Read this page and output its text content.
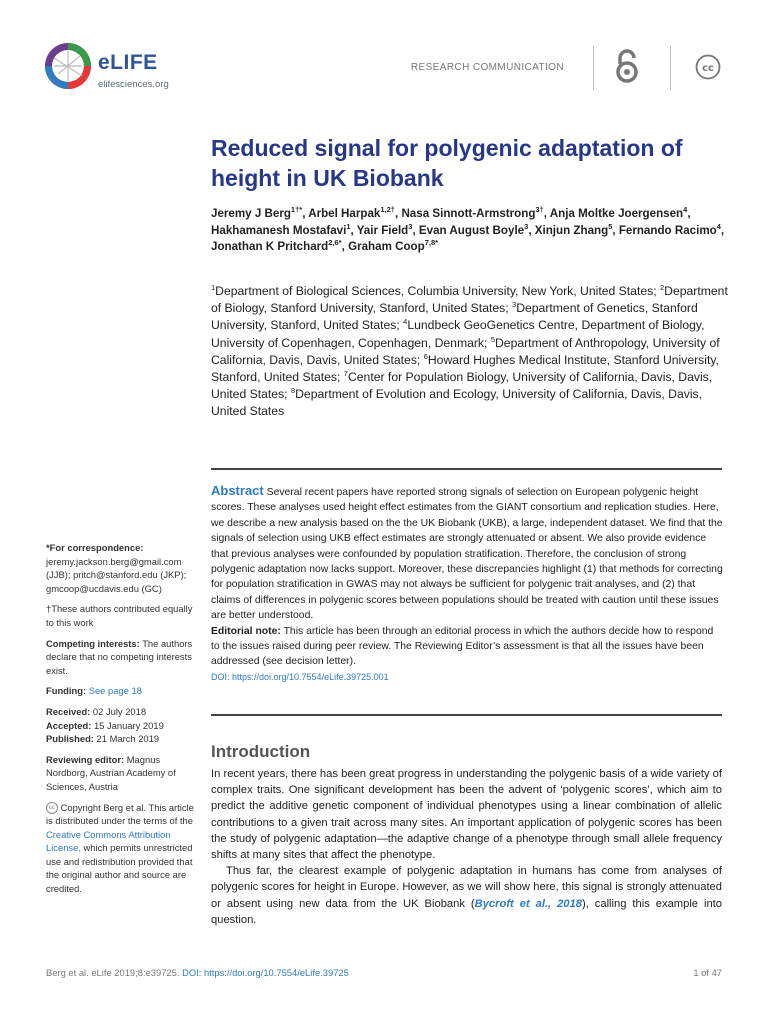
eLIFE
elifesciences.org
RESEARCH COMMUNICATION	cc
Reduced signal for polygenic adaptation of height in UK Biobank
Jeremy J Berg$^{1\dagger*}$, Arbel Harpak$^{1,2\dagger}$, Nasa Sinnott-Armstrong$^{3\dagger}$, Anja Moltke Joergensen$^4$, Hakhamanesh Mostafavi$^1$, Yair Field$^3$, Evan August Boyle$^3$, Xinjun Zhang$^5$, Fernando Racimo$^4$, Jonathan K Pritchard$^{2,6*}$, Graham Coop$^{7,8*}$
$^1$Department of Biological Sciences, Columbia University, New York, United States; $^2$Department of Biology, Stanford University, Stanford, United States; $^3$Department of Genetics, Stanford University, Stanford, United States; $^4$Lundbeck GeoGenetics Centre, Department of Biology, University of Copenhagen, Copenhagen, Denmark; $^5$Department of Anthropology, University of California, Davis, Davis, United States; $^6$Howard Hughes Medical Institute, Stanford University, Stanford, United States; $^7$Center for Population Biology, University of California, Davis, Davis, United States; $^8$Department of Evolution and Ecology, University of California, Davis, Davis, United States
Abstract Several recent papers have reported strong signals of selection on European polygenic height scores. These analyses used height effect estimates from the GIANT consortium and replication studies. Here, we describe a new analysis based on the the UK Biobank (UKB), a large, independent dataset. We find that the signals of selection using UKB effect estimates are strongly attenuated or absent. We also provide evidence that previous analyses were confounded by population stratification. Therefore, the conclusion of strong polygenic adaptation now lacks support. Moreover, these discrepancies highlight (1) that methods for correcting for population stratification in GWAS may not always be sufficient for polygenic trait analyses, and (2) that claims of differences in polygenic scores between populations should be treated with caution until these issues are better understood.
Editorial note: This article has been through an editorial process in which the authors decide how to respond to the issues raised during peer review. The Reviewing Editor’s assessment is that all the issues have been addressed (see decision letter).
DOI: https://doi.org/10.7554/eLife.39725.001
*For correspondence:
jeremy.jackson.berg@gmail.com (JJB); pritch@stanford.edu (JKP); gmcoop@ucdavis.edu (GC)
†These authors contributed equally to this work
Competing interests: The authors declare that no competing interests exist.
Funding: See page 18
Received: 02 July 2018
Accepted: 15 January 2019
Published: 21 March 2019
Reviewing editor: Magnus Nordborg, Austrian Academy of Sciences, Austria
cc Copyright Berg et al. This article is distributed under the terms of the Creative Commons Attribution License, which permits unrestricted use and redistribution provided that the original author and source are credited.
Introduction

In recent years, there has been great progress in understanding the polygenic basis of a wide variety of complex traits. One significant development has been the advent of ‘polygenic scores’, which aim to predict the additive genetic component of individual phenotypes using a linear combination of allelic contributions to a given trait across many sites. An important application of polygenic scores has been the study of polygenic adaptation—the adaptive change of a phenotype through small allele frequency shifts at many sites that affect the phenotype.

Thus far, the clearest example of polygenic adaptation in humans has come from analyses of polygenic scores for height in Europe. However, as we will show here, this signal is strongly attenuated or absent using new data from the UK Biobank (Bycroft et al., 2018), calling this example into question.

Berg et al. eLife 2019;8:e39725. DOI: https://doi.org/10.7554/eLife.39725	1 of 47
